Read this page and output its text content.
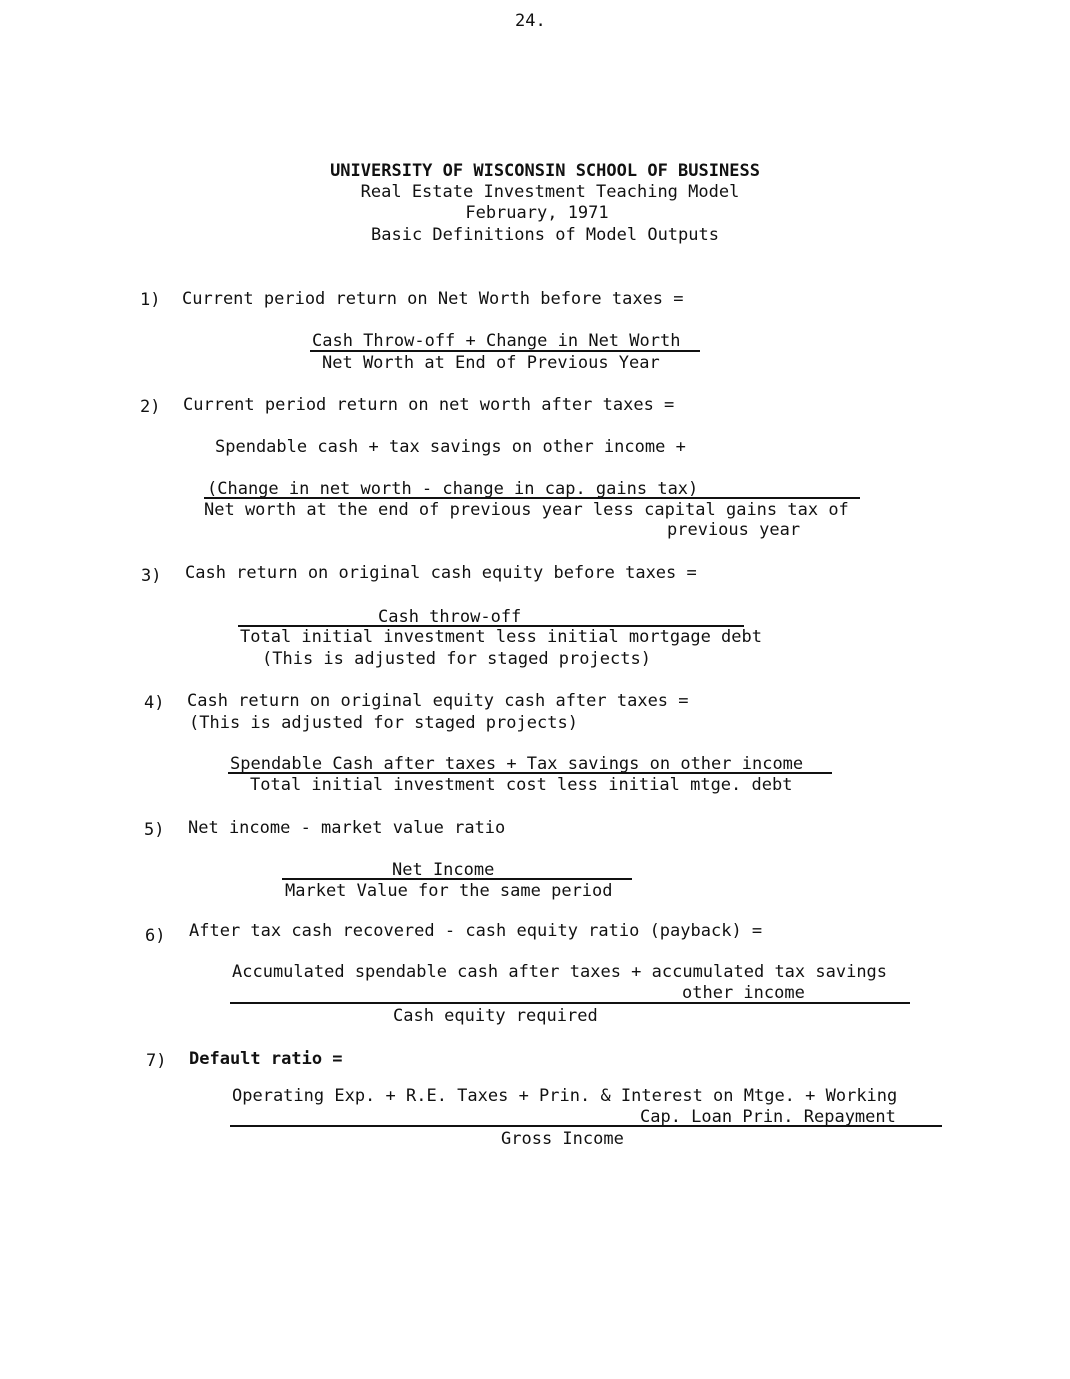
24.
UNIVERSITY OF WISCONSIN SCHOOL OF BUSINESS
Real Estate Investment Teaching Model
February, 1971
Basic Definitions of Model Outputs
1) Current period return on Net Worth before taxes =
Cash Throw-off + Change in Net Worth
Net Worth at End of Previous Year
2) Current period return on net worth after taxes =
Spendable cash + tax savings on other income +
(Change in net worth - change in cap. gains tax)
Net worth at the end of previous year less capital gains tax of
previous year
3) Cash return on original cash equity before taxes =
Cash throw-off
Total initial investment less initial mortgage debt
(This is adjusted for staged projects)
4) Cash return on original equity cash after taxes =
(This is adjusted for staged projects)
Spendable Cash after taxes + Tax savings on other income
Total initial investment cost less initial mtge. debt
5) Net income - market value ratio
Net Income
Market Value for the same period
6) After tax cash recovered - cash equity ratio (payback) =
Accumulated spendable cash after taxes + accumulated tax savings
other income
Cash equity required
7) Default ratio =
Operating Exp. + R.E. Taxes + Prin. & Interest on Mtge. + Working
Cap. Loan Prin. Repayment
Gross Income
